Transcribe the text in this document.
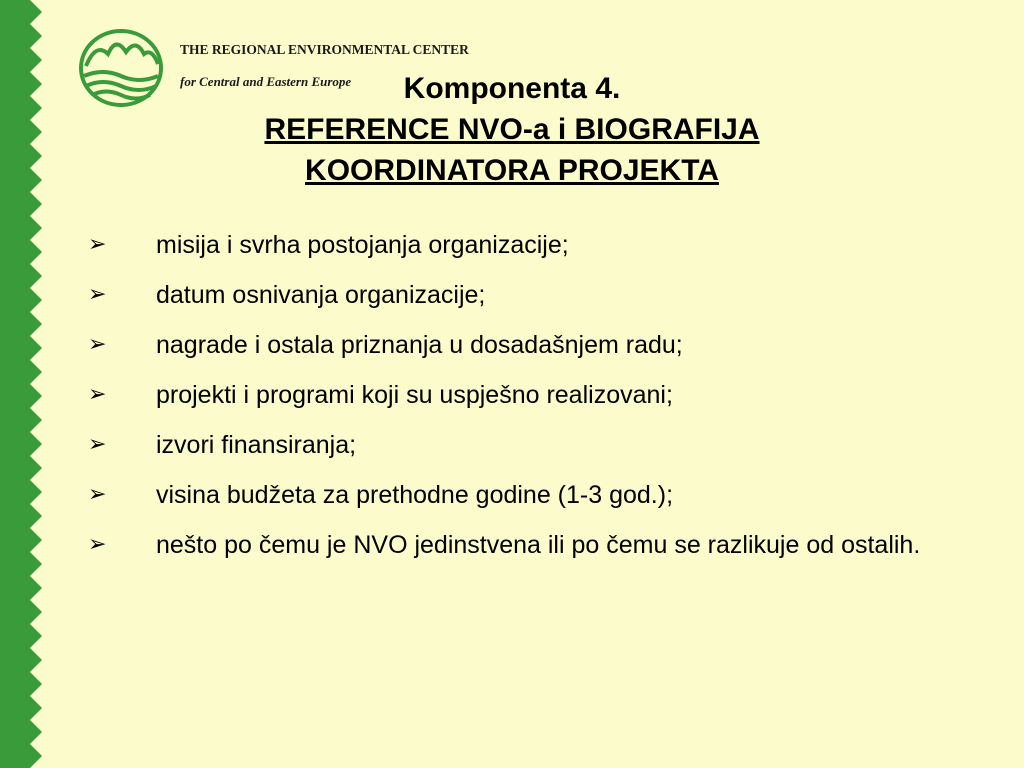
THE REGIONAL ENVIRONMENTAL CENTER
for Central and Eastern Europe	Komponenta 4.
REFERENCE NVO-a i BIOGRAFIJA
KOORDINATORA PROJEKTA
➢ misija i svrha postojanja organizacije;
➢ datum osnivanja organizacije;
➢ nagrade i ostala priznanja u dosadašnjem radu;
➢ projekti i programi koji su uspješno realizovani;
➢ izvori finansiranja;
➢ visina budžeta za prethodne godine (1-3 god.);
➢ nešto po čemu je NVO jedinstvena ili po čemu se razlikuje od ostalih.
